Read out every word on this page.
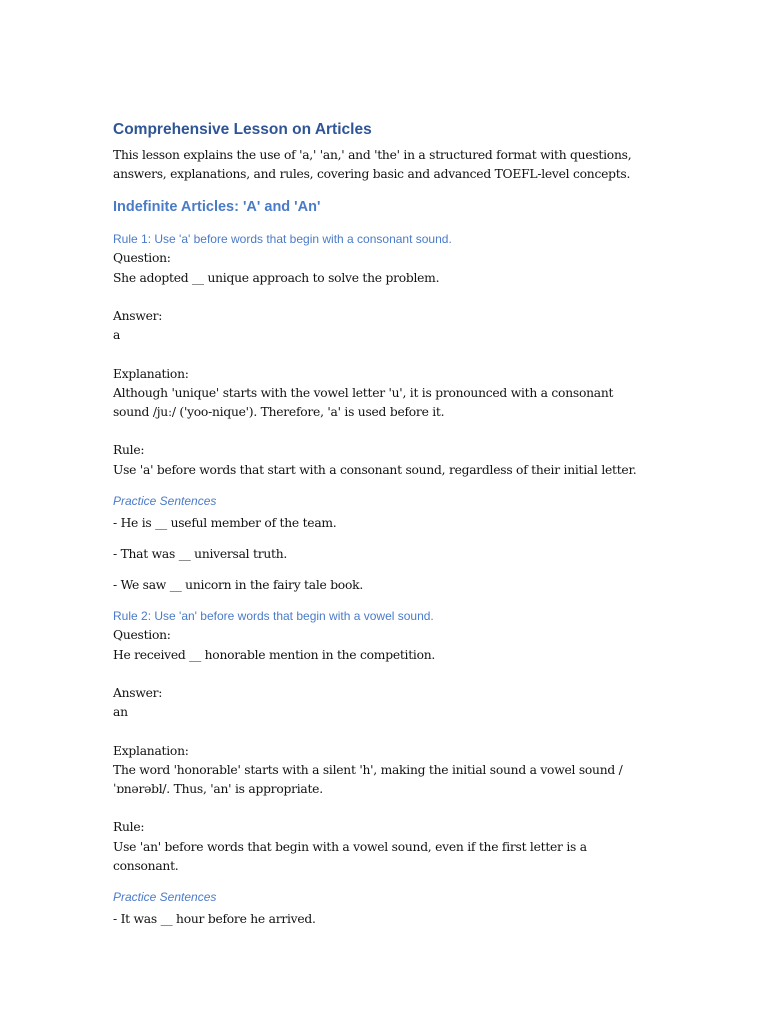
Comprehensive Lesson on Articles
This lesson explains the use of 'a,' 'an,' and 'the' in a structured format with questions, answers, explanations, and rules, covering basic and advanced TOEFL-level concepts.
Indefinite Articles: 'A' and 'An'
Rule 1: Use 'a' before words that begin with a consonant sound.
Question:
She adopted __ unique approach to solve the problem.
Answer:
a
Explanation:
Although 'unique' starts with the vowel letter 'u', it is pronounced with a consonant sound /juː/ ('yoo-nique'). Therefore, 'a' is used before it.
Rule:
Use 'a' before words that start with a consonant sound, regardless of their initial letter.
Practice Sentences
- He is __ useful member of the team.
- That was __ universal truth.
- We saw __ unicorn in the fairy tale book.
Rule 2: Use 'an' before words that begin with a vowel sound.
Question:
He received __ honorable mention in the competition.
Answer:
an
Explanation:
The word 'honorable' starts with a silent 'h', making the initial sound a vowel sound /ˈɒnərəbl/. Thus, 'an' is appropriate.
Rule:
Use 'an' before words that begin with a vowel sound, even if the first letter is a consonant.
Practice Sentences
- It was __ hour before he arrived.
